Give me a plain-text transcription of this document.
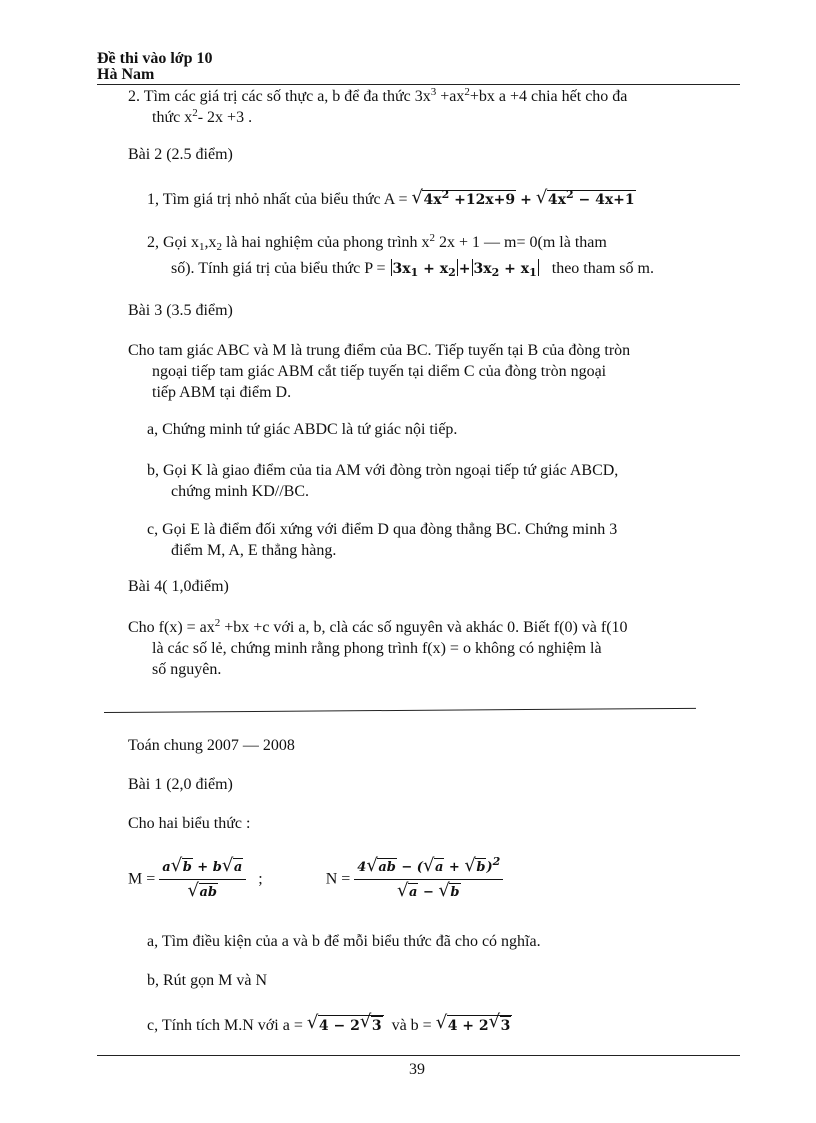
Đề thi vào lớp 10
Hà Nam
2. Tìm các giá trị các số thực a, b để đa thức $3x^3 +ax^2+bx$ a +4 chia hết cho đa
thức $x^2-$ 2x +3 .
Bài 2 (2.5 điểm)
1, Tìm giá trị nhỏ nhất của biểu thức A = √ $4x^2 +12x+9$ + √ $4x^2 - 4x+1$
2, Gọi $x_1,x_2$ là hai nghiệm của phong trình $x^2$ 2x + 1 — m= 0(m là tham
số). Tính giá trị của biểu thức $P = 3x_1 + x_2 + 3x_2 + x_1$ theo tham số m.
Bài 3 (3.5 điểm)
Cho tam giác ABC và M là trung điểm của BC. Tiếp tuyến tại B của đòng tròn
ngoại tiếp tam giác ABM cắt tiếp tuyến tại diểm C của đòng tròn ngoại
tiếp ABM tại điểm D.
a, Chứng minh tứ giác ABDC là tứ giác nội tiếp.
b, Gọi K là giao điểm của tia AM với đòng tròn ngoại tiếp tứ giác ABCD,
chứng minh KD//BC.
c, Gọi E là điểm đối xứng với điểm D qua đòng thẳng BC. Chứng minh 3
điểm M, A, E thẳng hàng.
Bài 4( 1,0điểm)
Cho $f(x) = ax^2 +bx +c$ với a, b, clà các số nguyên và akhác 0. Biết f(0) và f(10
là các số lẻ, chứng minh rằng phong trình f(x) = o không có nghiệm là
số nguyên.
Toán chung 2007 — 2008
Bài 1 (2,0 điểm)
Cho hai biểu thức :
$M = \frac{a √ b + b √ a}{√ ab}$ ;	$N = \frac{4 √ ab - ( √ a + √ b)^2}{√ a - √ b}$
a, Tìm điều kiện của a và b để mỗi biểu thức đã cho có nghĩa.
b, Rút gọn M và N
c, Tính tích M.N với a = √ 4 − 2 √ 3 và b = √ 4 + 2 √ 3
39
